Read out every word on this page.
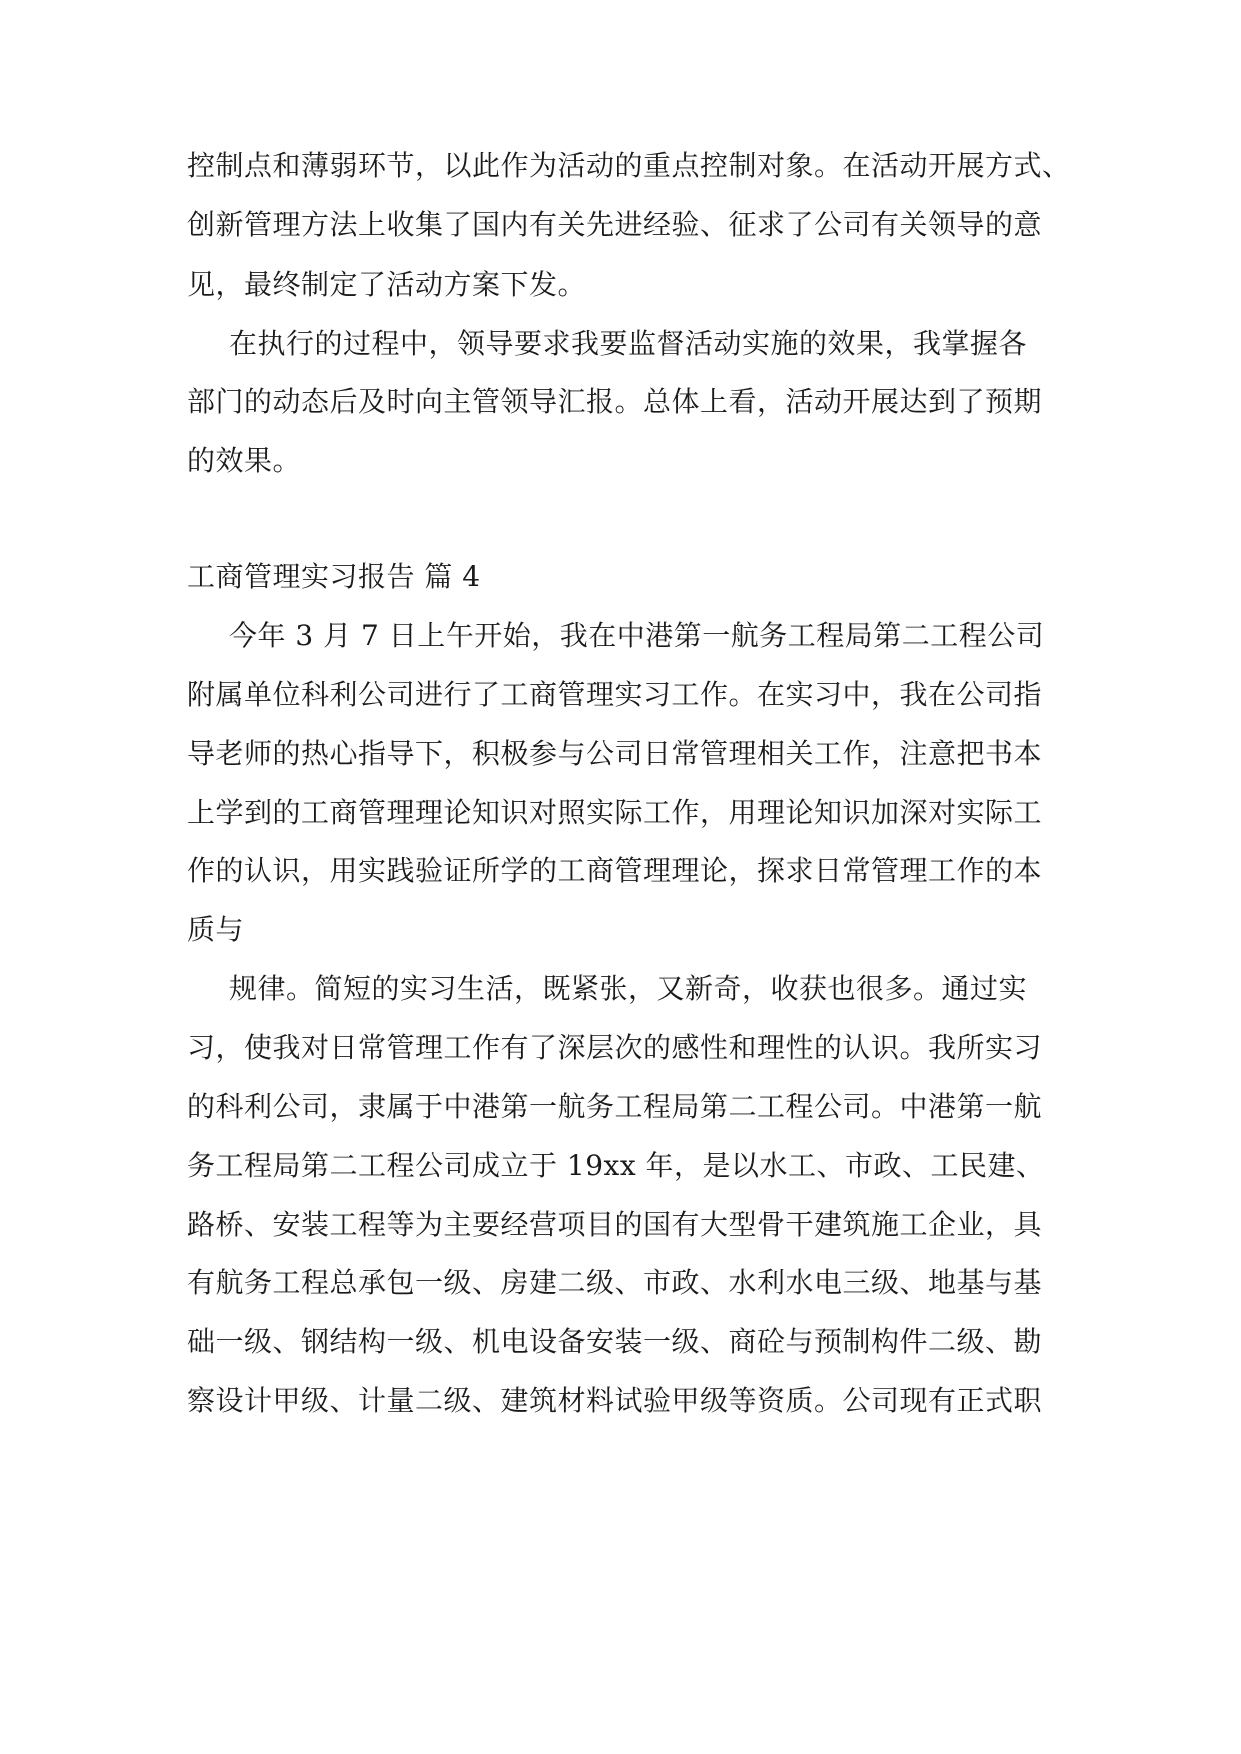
控制点和薄弱环节，以此作为活动的重点控制对象。在活动开展方式、
创新管理方法上收集了国内有关先进经验、征求了公司有关领导的意
见，最终制定了活动方案下发。
在执行的过程中，领导要求我要监督活动实施的效果，我掌握各
部门的动态后及时向主管领导汇报。总体上看，活动开展达到了预期
的效果。
工商管理实习报告 篇 4
今年 3 月 7 日上午开始，我在中港第一航务工程局第二工程公司
附属单位科利公司进行了工商管理实习工作。在实习中，我在公司指
导老师的热心指导下，积极参与公司日常管理相关工作，注意把书本
上学到的工商管理理论知识对照实际工作，用理论知识加深对实际工
作的认识，用实践验证所学的工商管理理论，探求日常管理工作的本
质与
规律。简短的实习生活，既紧张，又新奇，收获也很多。通过实
习，使我对日常管理工作有了深层次的感性和理性的认识。我所实习
的科利公司，隶属于中港第一航务工程局第二工程公司。中港第一航
务工程局第二工程公司成立于 19xx 年，是以水工、市政、工民建、
路桥、安装工程等为主要经营项目的国有大型骨干建筑施工企业，具
有航务工程总承包一级、房建二级、市政、水利水电三级、地基与基
础一级、钢结构一级、机电设备安装一级、商砼与预制构件二级、勘
察设计甲级、计量二级、建筑材料试验甲级等资质。公司现有正式职
